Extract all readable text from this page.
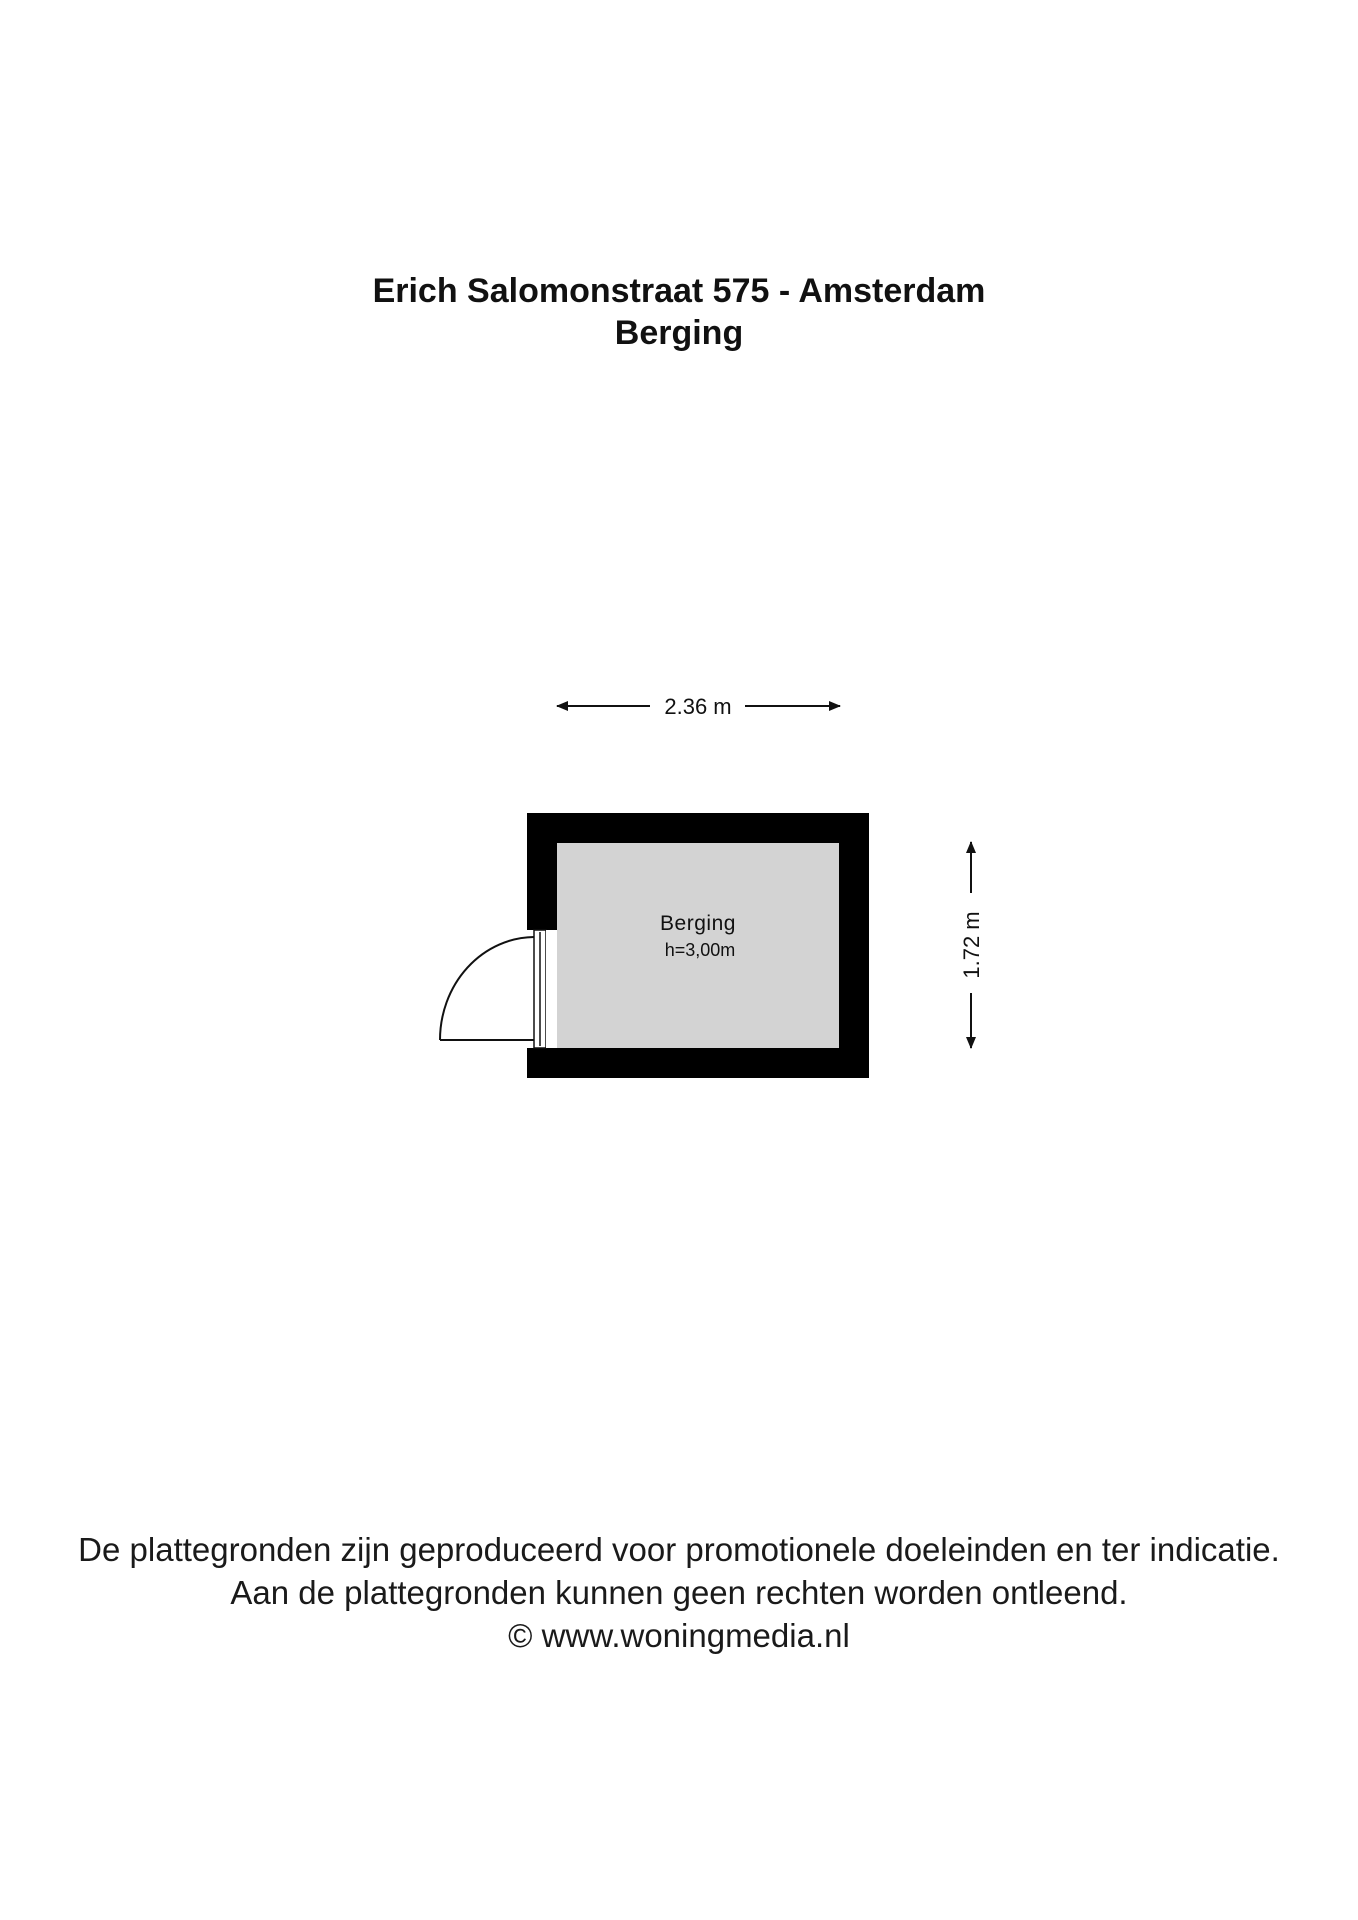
Erich Salomonstraat 575 - Amsterdam
Berging
2.36 m
1.72 m
Berging
h=3,00m
De plattegronden zijn geproduceerd voor promotionele doeleinden en ter indicatie.
Aan de plattegronden kunnen geen rechten worden ontleend.
© www.woningmedia.nl
